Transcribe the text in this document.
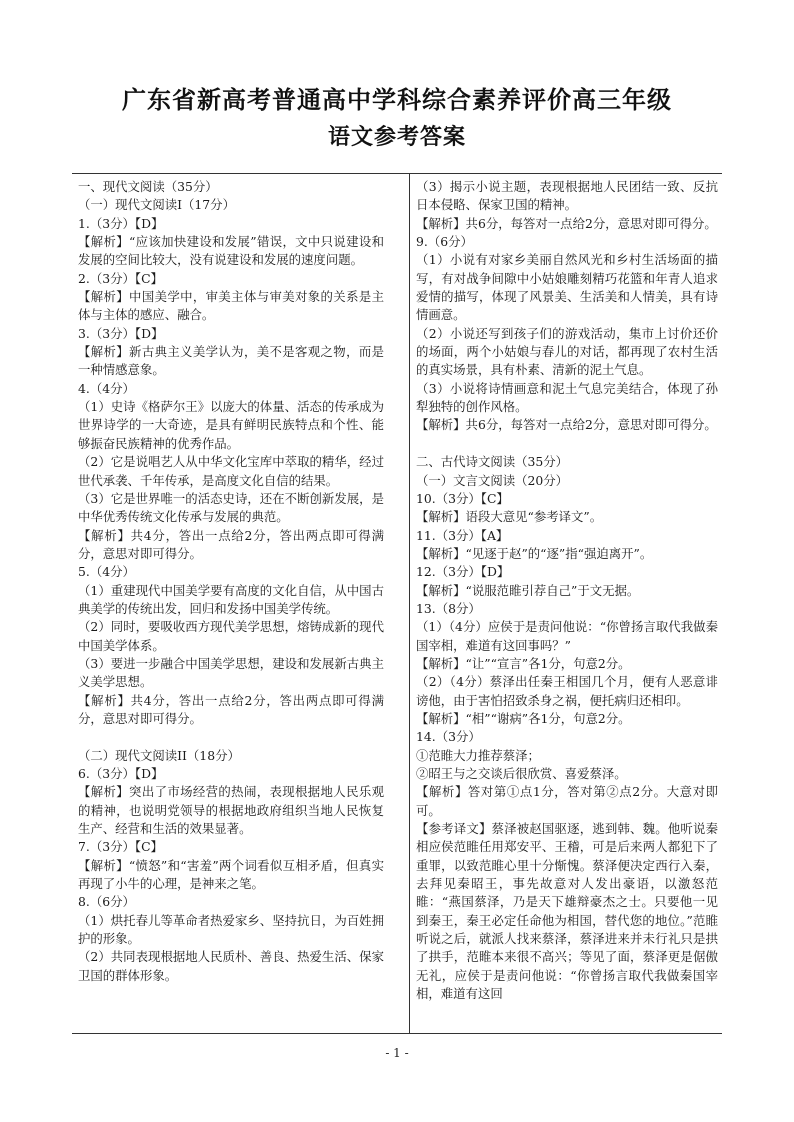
广东省新高考普通高中学科综合素养评价高三年级
语文参考答案

一、现代文阅读（35分）

（一）现代文阅读I（17分）

1.（3分）【D】

【解析】“应该加快建设和发展”错误，文中只说建设和发展的空间比较大，没有说建设和发展的速度问题。

2.（3分）【C】

【解析】中国美学中，审美主体与审美对象的关系是主体与主体的感应、融合。

3.（3分）【D】

【解析】新古典主义美学认为，美不是客观之物，而是一种情感意象。

4.（4分）

（1）史诗《格萨尔王》以庞大的体量、活态的传承成为世界诗学的一大奇迹，是具有鲜明民族特点和个性、能够振奋民族精神的优秀作品。

（2）它是说唱艺人从中华文化宝库中萃取的精华，经过世代承袭、千年传承，是高度文化自信的结果。

（3）它是世界唯一的活态史诗，还在不断创新发展，是中华优秀传统文化传承与发展的典范。

【解析】共4分，答出一点给2分，答出两点即可得满分，意思对即可得分。

5.（4分）

（1）重建现代中国美学要有高度的文化自信，从中国古典美学的传统出发，回归和发扬中国美学传统。

（2）同时，要吸收西方现代美学思想，熔铸成新的现代中国美学体系。

（3）要进一步融合中国美学思想，建设和发展新古典主义美学思想。

【解析】共4分，答出一点给2分，答出两点即可得满分，意思对即可得分。

（二）现代文阅读II（18分）

6.（3分）【D】

【解析】突出了市场经营的热闹，表现根据地人民乐观的精神，也说明党领导的根据地政府组织当地人民恢复生产、经营和生活的效果显著。

7.（3分）【C】

【解析】“愤怒”和“害羞”两个词看似互相矛盾，但真实再现了小牛的心理，是神来之笔。

8.（6分）

（1）烘托春儿等革命者热爱家乡、坚持抗日，为百姓拥护的形象。

（2）共同表现根据地人民质朴、善良、热爱生活、保家卫国的群体形象。

（3）揭示小说主题，表现根据地人民团结一致、反抗日本侵略、保家卫国的精神。

【解析】共6分，每答对一点给2分，意思对即可得分。

9.（6分）

（1）小说有对家乡美丽自然风光和乡村生活场面的描写，有对战争间隙中小姑娘雕刻精巧花篮和年青人追求爱情的描写，体现了风景美、生活美和人情美，具有诗情画意。

（2）小说还写到孩子们的游戏活动，集市上讨价还价的场面，两个小姑娘与春儿的对话，都再现了农村生活的真实场景，具有朴素、清新的泥土气息。

（3）小说将诗情画意和泥土气息完美结合，体现了孙犁独特的创作风格。

【解析】共6分，每答对一点给2分，意思对即可得分。

二、古代诗文阅读（35分）

（一）文言文阅读（20分）

10.（3分）【C】

【解析】语段大意见“参考译文”。

11.（3分）【A】

【解析】“见逐于赵”的“逐”指“强迫离开”。

12.（3分）【D】

【解析】“说服范睢引荐自己”于文无据。

13.（8分）

（1）（4分）应侯于是责问他说：“你曾扬言取代我做秦国宰相，难道有这回事吗？”

【解析】“让”“宣言”各1分，句意2分。

（2）（4分）蔡泽出任秦王相国几个月，便有人恶意诽谤他，由于害怕招致杀身之祸，便托病归还相印。

【解析】“相”“谢病”各1分，句意2分。

14.（3分）

①范睢大力推荐蔡泽；

②昭王与之交谈后很欣赏、喜爱蔡泽。

【解析】答对第①点1分，答对第②点2分。大意对即可。

【参考译文】蔡泽被赵国驱逐，逃到韩、魏。他听说秦相应侯范睢任用郑安平、王稽，可是后来两人都犯下了重罪，以致范睢心里十分惭愧。蔡泽便决定西行入秦，去拜见秦昭王，事先故意对人发出豪语，以激怒范睢：“燕国蔡泽，乃是天下雄辩豪杰之士。只要他一见到秦王，秦王必定任命他为相国，替代您的地位。”范睢听说之后，就派人找来蔡泽，蔡泽进来并未行礼只是拱了拱手，范睢本来很不高兴；等见了面，蔡泽更是倨傲无礼，应侯于是责问他说：“你曾扬言取代我做秦国宰相，难道有这回

- 1 -
